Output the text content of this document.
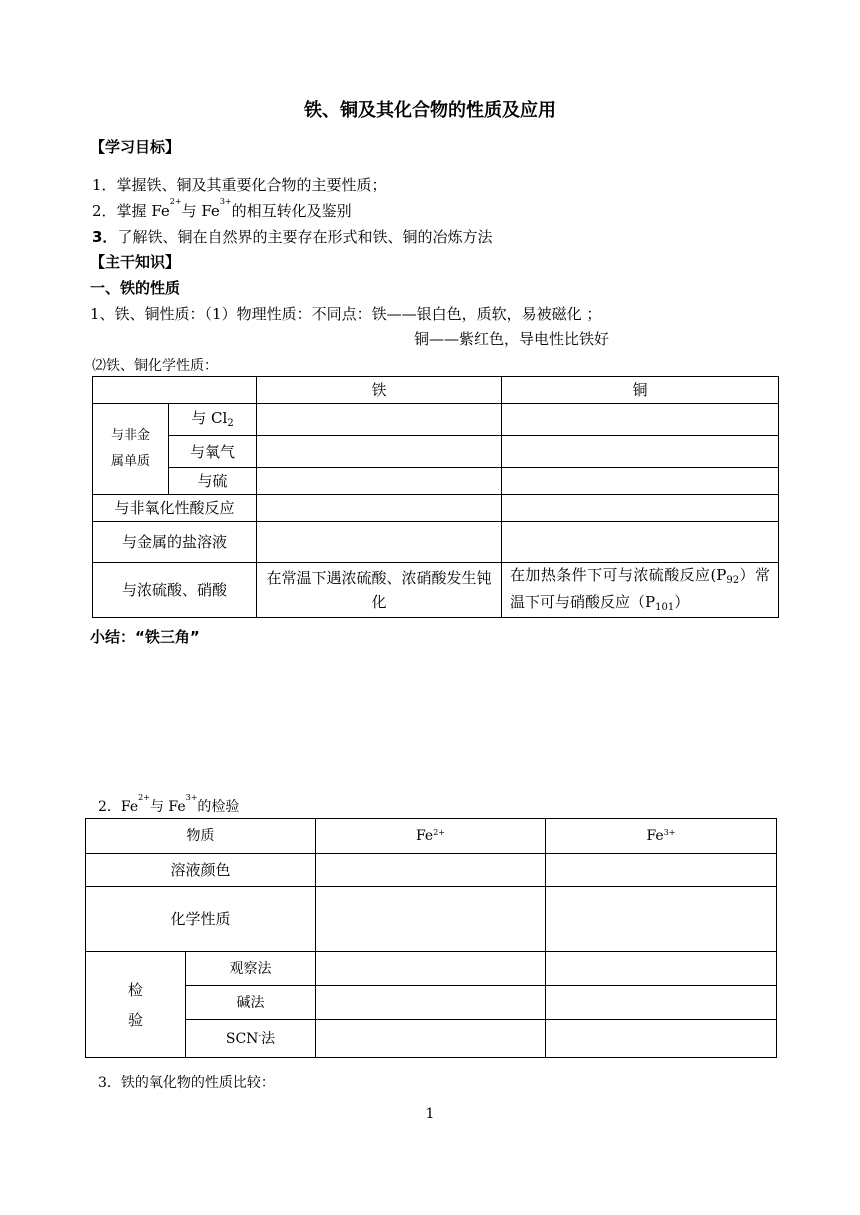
铁、铜及其化合物的性质及应用
【学习目标】
1．掌握铁、铜及其重要化合物的主要性质；
2．掌握 $Fe^{2+}$与 $Fe^{3+}$的相互转化及鉴别
3．了解铁、铜在自然界的主要存在形式和铁、铜的冶炼方法
【主干知识】
一、铁的性质
1、铁、铜性质：（1）物理性质：不同点：铁——银白色，质软，易被磁化 ；
铜——紫红色，导电性比铁好
⑵铁、铜化学性质：
		铁	铜
与非金
属单质	与 $Cl_2$		
	与氧气		
	与硫		
与非氧化性酸反应			
与金属的盐溶液			
与浓硫酸、硝酸		在常温下遇浓硫酸、浓硝酸发生钝化	在加热条件下可与浓硫酸反应$(P_{92})$常温下可与硝酸反应$(P_{101})$
小结：“铁三角”
2．$Fe^{2+}$与 $Fe^{3+}$的检验
物质		$Fe^{2+}$	$Fe^{3+}$
溶液颜色			
化学性质			
检
验	观察法		
	碱法		
	SCN-法		
3．铁的氧化物的性质比较：
1
